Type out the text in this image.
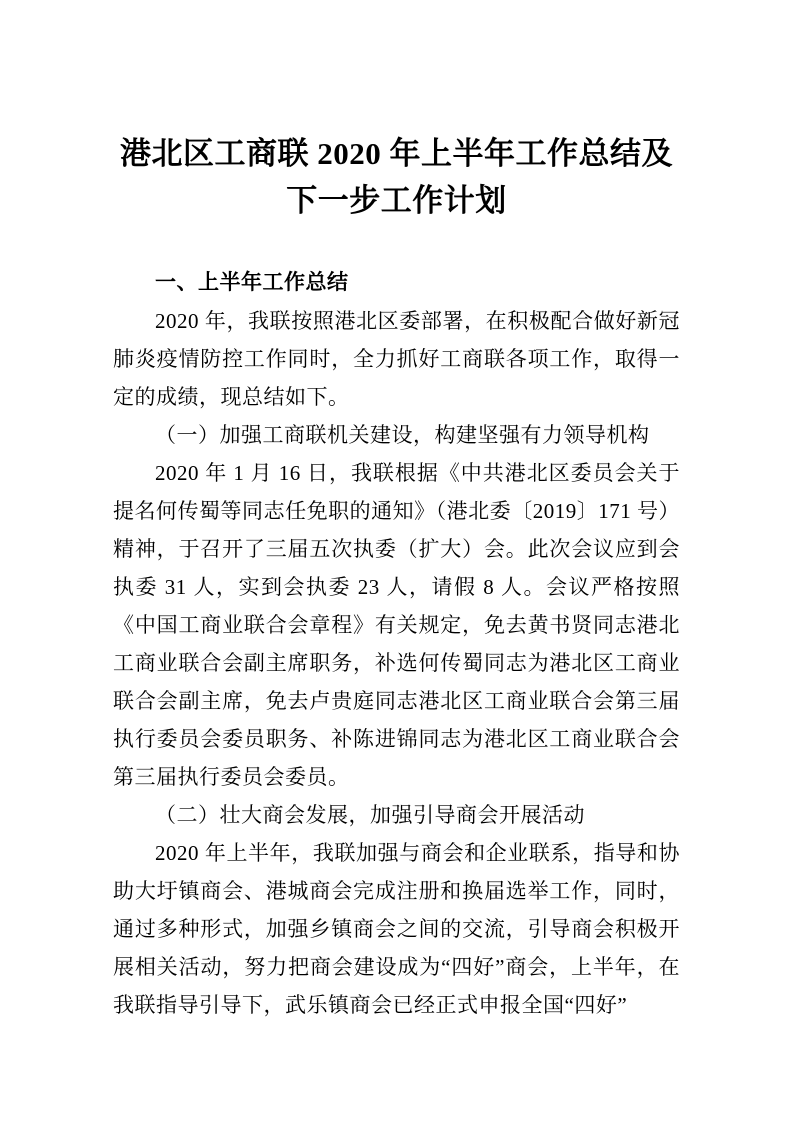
港北区工商联 2020 年上半年工作总结及下一步工作计划

一、上半年工作总结

2020 年，我联按照港北区委部署，在积极配合做好新冠肺炎疫情防控工作同时，全力抓好工商联各项工作，取得一定的成绩，现总结如下。

（一）加强工商联机关建设，构建坚强有力领导机构

2020 年 1 月 16 日，我联根据《中共港北区委员会关于提名何传蜀等同志任免职的通知》（港北委〔2019〕171 号）精神，于召开了三届五次执委（扩大）会。此次会议应到会执委 31 人，实到会执委 23 人，请假 8 人。会议严格按照《中国工商业联合会章程》有关规定，免去黄书贤同志港北工商业联合会副主席职务，补选何传蜀同志为港北区工商业联合会副主席，免去卢贵庭同志港北区工商业联合会第三届执行委员会委员职务、补陈进锦同志为港北区工商业联合会第三届执行委员会委员。

（二）壮大商会发展，加强引导商会开展活动

2020 年上半年，我联加强与商会和企业联系，指导和协助大圩镇商会、港城商会完成注册和换届选举工作，同时，通过多种形式，加强乡镇商会之间的交流，引导商会积极开展相关活动，努力把商会建设成为“四好”商会，上半年，在我联指导引导下，武乐镇商会已经正式申报全国“四好”
